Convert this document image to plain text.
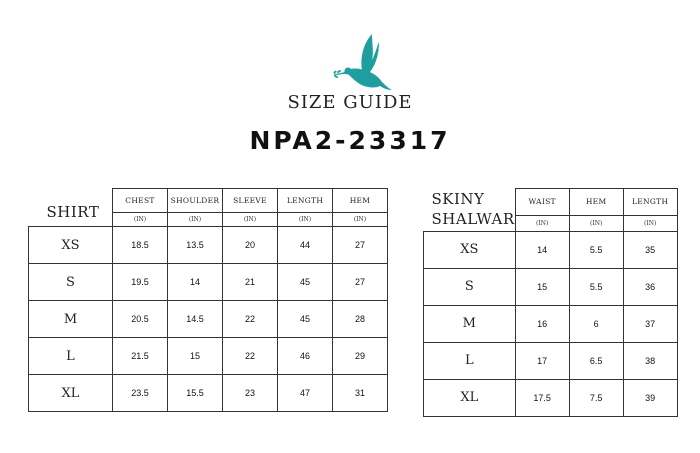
SIZE GUIDE
NPA2-23317
SHIRT	CHEST	SHOULDER	SLEEVE	LENGTH	HEM
	(IN)	(IN)	(IN)	(IN)	(IN)
XS	18.5	13.5	20	44	27
S	19.5	14	21	45	27
M	20.5	14.5	22	45	28
L	21.5	15	22	46	29
XL	23.5	15.5	23	47	31
SKINY
SHALWAR	WAIST	HEM	LENGTH
	(IN)	(IN)	(IN)
XS	14	5.5	35
S	15	5.5	36
M	16	6	37
L	17	6.5	38
XL	17.5	7.5	39
